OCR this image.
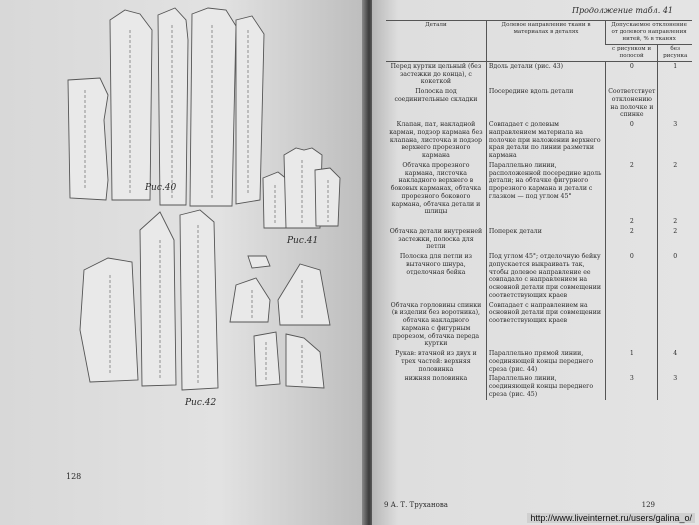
Рис.40
Рис.41
Рис.42
128
Продолжение табл. 41
Детали	Долевое направление ткани в материалах в деталях	Допускаемое отклонение от долевого направления нитей, % в тканях	
		с рисунком и полосой	без рисунка
Перед куртки цельный (без застежки до конца), с кокеткой	Вдоль детали (рис. 43)	0	1
Полоска под соединительные складки	Посередине вдоль детали	Соответствует отклонению на полочке и спинке	
Клапан, пат, накладной карман, подзор кармана без клапана, листочка и подзор верхнего прорезного кармана	Совпадает с долевым направлением материала на полочке при наложении верхнего края детали по линии разметки кармана	0	3
Обтачка прорезного кармана, листочка накладного верхнего в боковых карманах, обтачка прорезного бокового кармана, обтачка детали и шлицы	Параллельно линии, расположенной посередине вдоль детали; на обтачке фигурного прорезного кармана и детали с глазком — под углом 45°	2	2
		2	2
Обтачка детали внутренней застежки, полоска для петли	Поперек детали	2	2
Полоска для петли из вытачного шнура, отделочная бейка	Под углом 45°; отделочную бейку допускается выкраивать так, чтобы долевое направление ее совпадало с направлением на основной детали при совмещении соответствующих краев	0	0
Обтачка горловины спинки (в изделии без воротника), обтачка накладного кармана с фигурным прорезом, обтачка переда куртки	Совпадает с направлением на основной детали при совмещении соответствующих краев		
Рукав: втачной из двух и трех частей: верхняя половинка	Параллельно прямой линии, соединяющей концы переднего среза (рис. 44)	1	4
нижняя половинка	Параллельно линии, соединяющей концы переднего среза (рис. 45)	3	3
9 А. Т. Труханова	129
http://www.liveinternet.ru/users/galina_o/
